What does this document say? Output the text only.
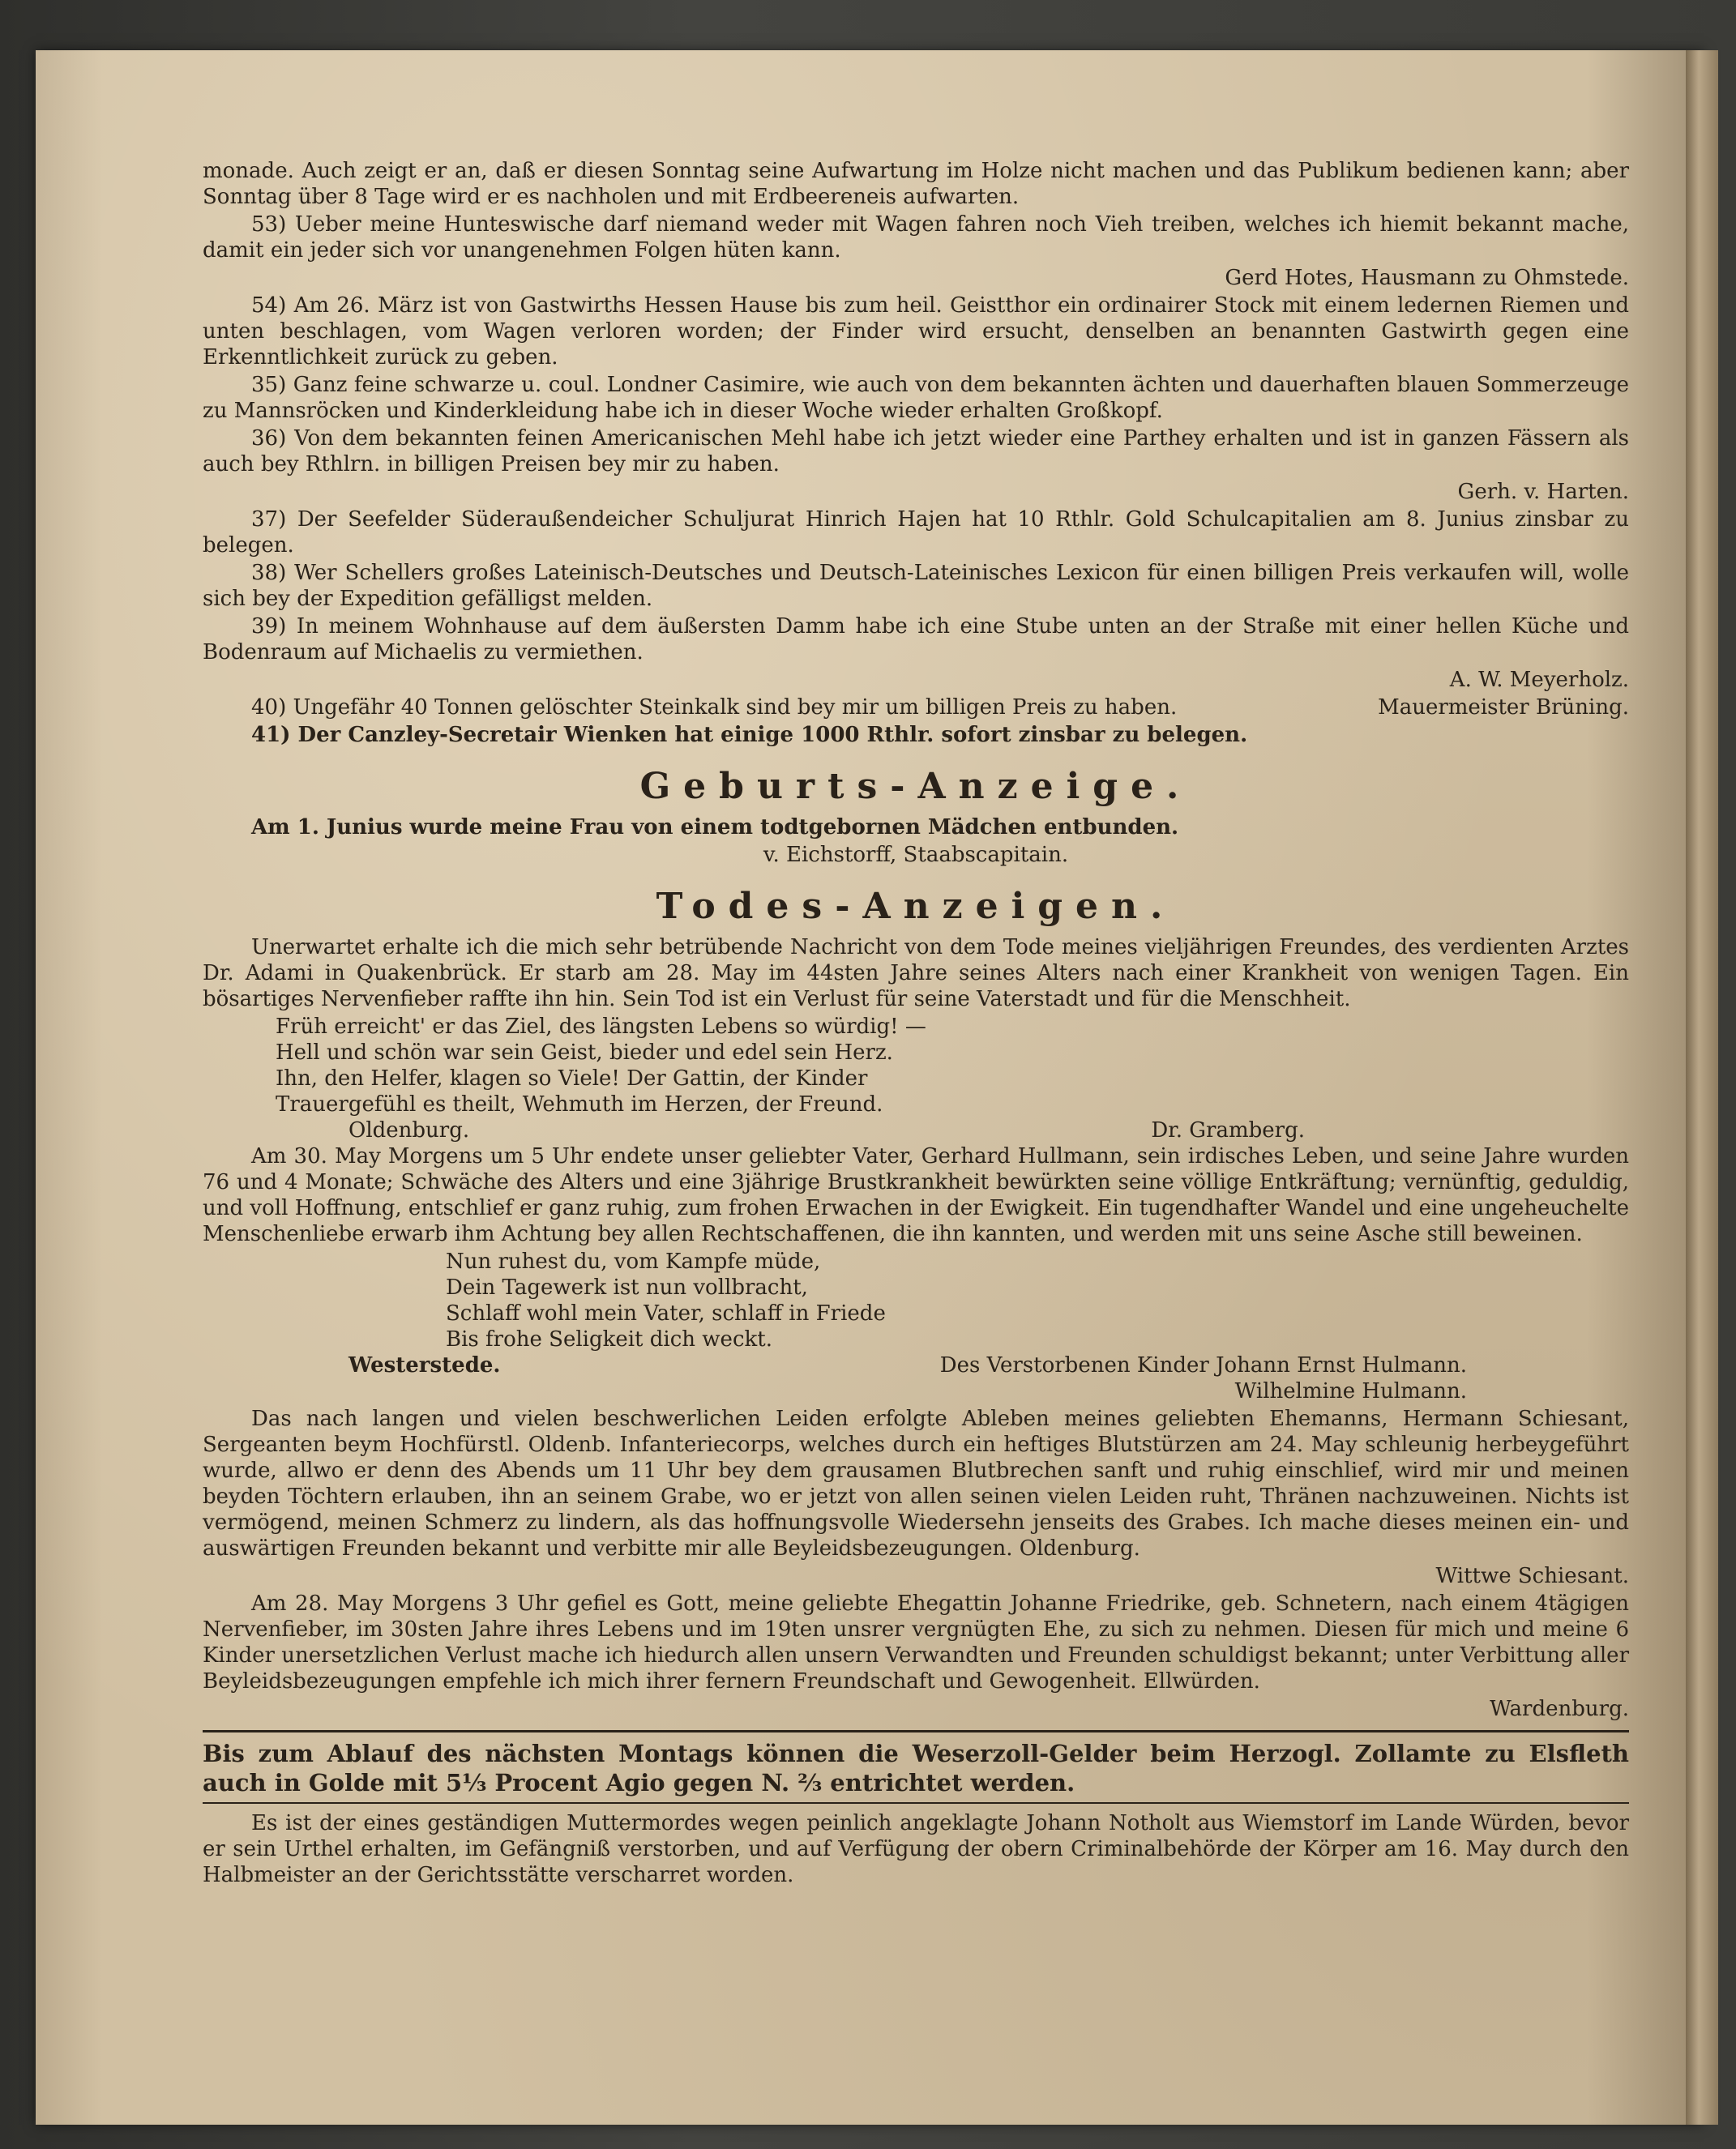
monade. Auch zeigt er an, daß er diesen Sonntag seine Aufwartung im Holze nicht machen und das Publikum bedienen kann; aber Sonntag über 8 Tage wird er es nachholen und mit Erdbeereneis aufwarten.

53) Ueber meine Hunteswische darf niemand weder mit Wagen fahren noch Vieh treiben, welches ich hiemit bekannt mache, damit ein jeder sich vor unangenehmen Folgen hüten kann.

Gerd Hotes, Hausmann zu Ohmstede.

54) Am 26. März ist von Gastwirths Hessen Hause bis zum heil. Geistthor ein ordinairer Stock mit einem ledernen Riemen und unten beschlagen, vom Wagen verloren worden; der Finder wird ersucht, denselben an benannten Gastwirth gegen eine Erkenntlichkeit zurück zu geben.

35) Ganz feine schwarze u. coul. Londner Casimire, wie auch von dem bekannten ächten und dauerhaften blauen Sommerzeuge zu Mannsröcken und Kinderkleidung habe ich in dieser Woche wieder erhalten Großkopf.

36) Von dem bekannten feinen Americanischen Mehl habe ich jetzt wieder eine Parthey erhalten und ist in ganzen Fässern als auch bey Rthlrn. in billigen Preisen bey mir zu haben.

Gerh. v. Harten.

37) Der Seefelder Süderaußendeicher Schuljurat Hinrich Hajen hat 10 Rthlr. Gold Schulcapitalien am 8. Junius zinsbar zu belegen.

38) Wer Schellers großes Lateinisch-Deutsches und Deutsch-Lateinisches Lexicon für einen billigen Preis verkaufen will, wolle sich bey der Expedition gefälligst melden.

39) In meinem Wohnhause auf dem äußersten Damm habe ich eine Stube unten an der Straße mit einer hellen Küche und Bodenraum auf Michaelis zu vermiethen.

A. W. Meyerholz.

40) Ungefähr 40 Tonnen gelöschter Steinkalk sind bey mir um billigen Preis zu haben.	Mauermeister Brüning.

41) Der Canzley-Secretair Wienken hat einige 1000 Rthlr. sofort zinsbar zu belegen.

Geburts-Anzeige.

Am 1. Junius wurde meine Frau von einem todtgebornen Mädchen entbunden.

v. Eichstorff, Staabscapitain.

Todes-Anzeigen.

Unerwartet erhalte ich die mich sehr betrübende Nachricht von dem Tode meines vieljährigen Freundes, des verdienten Arztes Dr. Adami in Quakenbrück. Er starb am 28. May im 44sten Jahre seines Alters nach einer Krankheit von wenigen Tagen. Ein bösartiges Nervenfieber raffte ihn hin. Sein Tod ist ein Verlust für seine Vaterstadt und für die Menschheit.

Früh erreicht' er das Ziel, des längsten Lebens so würdig! —
Hell und schön war sein Geist, bieder und edel sein Herz.
Ihn, den Helfer, klagen so Viele! Der Gattin, der Kinder
Trauergefühl es theilt, Wehmuth im Herzen, der Freund.
Oldenburg.	Dr. Gramberg.

Am 30. May Morgens um 5 Uhr endete unser geliebter Vater, Gerhard Hullmann, sein irdisches Leben, und seine Jahre wurden 76 und 4 Monate; Schwäche des Alters und eine 3jährige Brustkrankheit bewürkten seine völlige Entkräftung; vernünftig, geduldig, und voll Hoffnung, entschlief er ganz ruhig, zum frohen Erwachen in der Ewigkeit. Ein tugendhafter Wandel und eine ungeheuchelte Menschenliebe erwarb ihm Achtung bey allen Rechtschaffenen, die ihn kannten, und werden mit uns seine Asche still beweinen.

Nun ruhest du, vom Kampfe müde,
Dein Tagewerk ist nun vollbracht,
Schlaff wohl mein Vater, schlaff in Friede
Bis frohe Seligkeit dich weckt.
Westerstede.	Des Verstorbenen Kinder Johann Ernst Hulmann.

Wilhelmine Hulmann.

Das nach langen und vielen beschwerlichen Leiden erfolgte Ableben meines geliebten Ehemanns, Hermann Schiesant, Sergeanten beym Hochfürstl. Oldenb. Infanteriecorps, welches durch ein heftiges Blutstürzen am 24. May schleunig herbeygeführt wurde, allwo er denn des Abends um 11 Uhr bey dem grausamen Blutbrechen sanft und ruhig einschlief, wird mir und meinen beyden Töchtern erlauben, ihn an seinem Grabe, wo er jetzt von allen seinen vielen Leiden ruht, Thränen nachzuweinen. Nichts ist vermögend, meinen Schmerz zu lindern, als das hoffnungsvolle Wiedersehn jenseits des Grabes. Ich mache dieses meinen ein- und auswärtigen Freunden bekannt und verbitte mir alle Beyleidsbezeugungen. Oldenburg.

Wittwe Schiesant.

Am 28. May Morgens 3 Uhr gefiel es Gott, meine geliebte Ehegattin Johanne Friedrike, geb. Schnetern, nach einem 4tägigen Nervenfieber, im 30sten Jahre ihres Lebens und im 19ten unsrer vergnügten Ehe, zu sich zu nehmen. Diesen für mich und meine 6 Kinder unersetzlichen Verlust mache ich hiedurch allen unsern Verwandten und Freunden schuldigst bekannt; unter Verbittung aller Beyleidsbezeugungen empfehle ich mich ihrer fernern Freundschaft und Gewogenheit. Ellwürden.

Wardenburg.

Bis zum Ablauf des nächsten Montags können die Weserzoll-Gelder beim Herzogl. Zollamte zu Elsfleth auch in Golde mit 5⅓ Procent Agio gegen N. ⅔ entrichtet werden.

Es ist der eines geständigen Muttermordes wegen peinlich angeklagte Johann Notholt aus Wiemstorf im Lande Würden, bevor er sein Urthel erhalten, im Gefängniß verstorben, und auf Verfügung der obern Criminalbehörde der Körper am 16. May durch den Halbmeister an der Gerichtsstätte verscharret worden.
